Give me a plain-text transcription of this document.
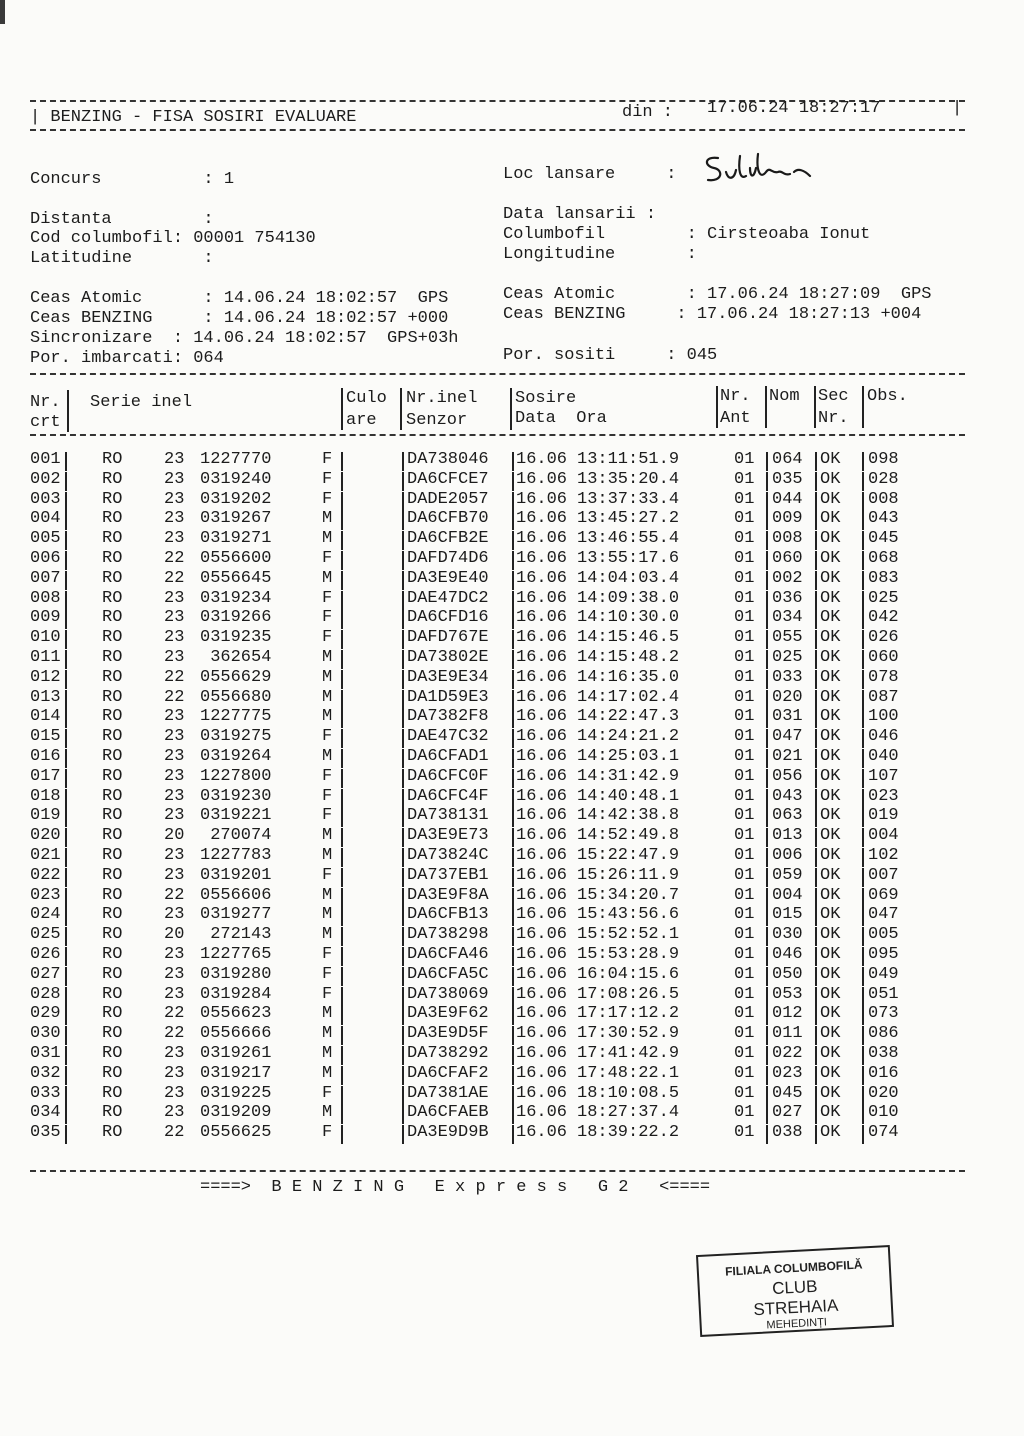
| BENZING - FISA SOSIRI EVALUARE	din : 17.06.24 18:27:17	|
Concurs          : 1
Distanta         :
Cod columbofil: 00001 754130
Latitudine       :
Loc lansare     :
Data lansarii :
Columbofil        : Cirsteoaba Ionut
Longitudine       :
Ceas Atomic      : 14.06.24 18:02:57  GPS
Ceas BENZING     : 14.06.24 18:02:57 +000
Sincronizare  : 14.06.24 18:02:57  GPS+03h
Por. imbarcati: 064
Ceas Atomic       : 17.06.24 18:27:09  GPS
Ceas BENZING     : 17.06.24 18:27:13 +004
Por. sositi     : 045
Nr.
crt
Serie inel	Culo
are
Nr.inel
Senzor
Sosire
Data  Ora
Nr.
Ant
Nom Sec
Nr.
Obs.
001 RO 23 1227770	F	DA738046 16.06 13:11:51.9	01 064 OK 098
002 RO 23 0319240	F	DA6CFCE7 16.06 13:35:20.4	01 035 OK 028
003 RO 23 0319202	F	DADE2057 16.06 13:37:33.4	01 044 OK 008
004 RO 23 0319267	M	DA6CFB70 16.06 13:45:27.2	01 009 OK 043
005 RO 23 0319271	M	DA6CFB2E 16.06 13:46:55.4	01 008 OK 045
006 RO 22 0556600	F	DAFD74D6 16.06 13:55:17.6	01 060 OK 068
007 RO 22 0556645	M	DA3E9E40 16.06 14:04:03.4	01 002 OK 083
008 RO 23 0319234	F	DAE47DC2 16.06 14:09:38.0	01 036 OK 025
009 RO 23 0319266	F	DA6CFD16 16.06 14:10:30.0	01 034 OK 042
010 RO 23 0319235	F	DAFD767E 16.06 14:15:46.5	01 055 OK 026
011 RO 23 362654	M	DA73802E 16.06 14:15:48.2	01 025 OK 060
012 RO 22 0556629	M	DA3E9E34 16.06 14:16:35.0	01 033 OK 078
013 RO 22 0556680	M	DA1D59E3 16.06 14:17:02.4	01 020 OK 087
014 RO 23 1227775	M	DA7382F8 16.06 14:22:47.3	01 031 OK 100
015 RO 23 0319275	F	DAE47C32 16.06 14:24:21.2	01 047 OK 046
016 RO 23 0319264	M	DA6CFAD1 16.06 14:25:03.1	01 021 OK 040
017 RO 23 1227800	F	DA6CFC0F 16.06 14:31:42.9	01 056 OK 107
018 RO 23 0319230	F	DA6CFC4F 16.06 14:40:48.1	01 043 OK 023
019 RO 23 0319221	F	DA738131 16.06 14:42:38.8	01 063 OK 019
020 RO 20 270074	M	DA3E9E73 16.06 14:52:49.8	01 013 OK 004
021 RO 23 1227783	M	DA73824C 16.06 15:22:47.9	01 006 OK 102
022 RO 23 0319201	F	DA737EB1 16.06 15:26:11.9	01 059 OK 007
023 RO 22 0556606	M	DA3E9F8A 16.06 15:34:20.7	01 004 OK 069
024 RO 23 0319277	M	DA6CFB13 16.06 15:43:56.6	01 015 OK 047
025 RO 20 272143	M	DA738298 16.06 15:52:52.1	01 030 OK 005
026 RO 23 1227765	F	DA6CFA46 16.06 15:53:28.9	01 046 OK 095
027 RO 23 0319280	F	DA6CFA5C 16.06 16:04:15.6	01 050 OK 049
028 RO 23 0319284	F	DA738069 16.06 17:08:26.5	01 053 OK 051
029 RO 22 0556623	M	DA3E9F62 16.06 17:17:12.2	01 012 OK 073
030 RO 22 0556666	M	DA3E9D5F 16.06 17:30:52.9	01 011 OK 086
031 RO 23 0319261	M	DA738292 16.06 17:41:42.9	01 022 OK 038
032 RO 23 0319217	M	DA6CFAF2 16.06 17:48:22.1	01 023 OK 016
033 RO 23 0319225	F	DA7381AE 16.06 18:10:08.5	01 045 OK 020
034 RO 23 0319209	M	DA6CFAEB 16.06 18:27:37.4	01 027 OK 010
035 RO 22 0556625	F	DA3E9D9B 16.06 18:39:22.2	01 038 OK 074
====>  B E N Z I N G   E x p r e s s   G 2   <====
FILIALA COLUMBOFILĂ
CLUB
STREHAIA
MEHEDINȚI
